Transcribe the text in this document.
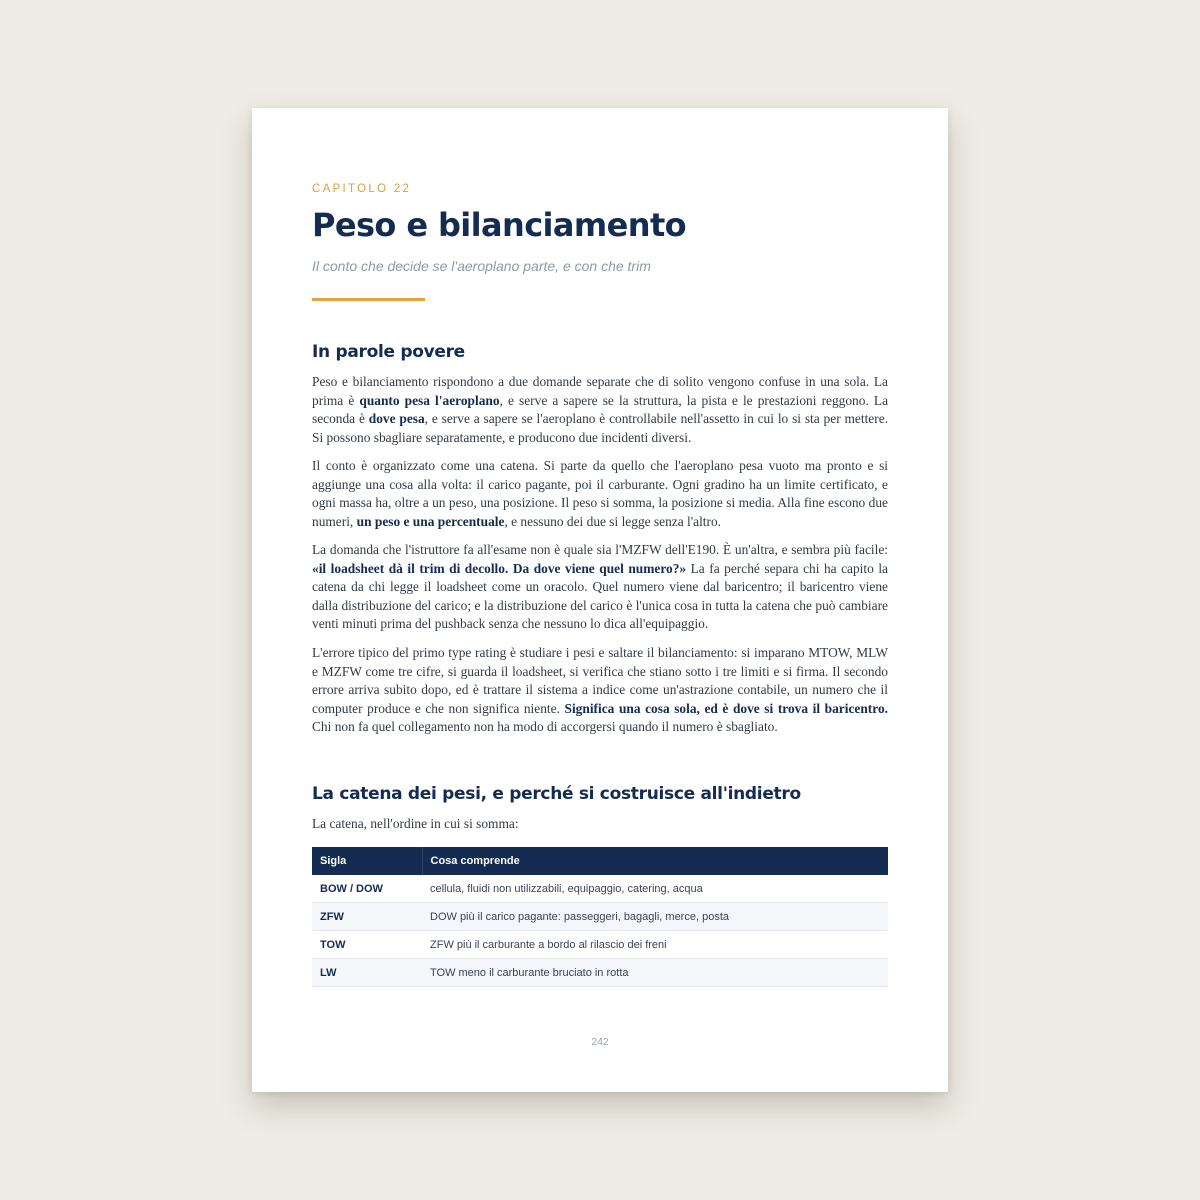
CAPITOLO 22
Peso e bilanciamento
Il conto che decide se l'aeroplano parte, e con che trim
In parole povere

Peso e bilanciamento rispondono a due domande separate che di solito vengono confuse in una sola. La prima è quanto pesa l'aeroplano, e serve a sapere se la struttura, la pista e le prestazioni reggono. La seconda è dove pesa, e serve a sapere se l'aeroplano è controllabile nell'assetto in cui lo si sta per mettere. Si possono sbagliare separatamente, e producono due incidenti diversi.

Il conto è organizzato come una catena. Si parte da quello che l'aeroplano pesa vuoto ma pronto e si aggiunge una cosa alla volta: il carico pagante, poi il carburante. Ogni gradino ha un limite certificato, e ogni massa ha, oltre a un peso, una posizione. Il peso si somma, la posizione si media. Alla fine escono due numeri, un peso e una percentuale, e nessuno dei due si legge senza l'altro.

La domanda che l'istruttore fa all'esame non è quale sia l'MZFW dell'E190. È un'altra, e sembra più facile: «il loadsheet dà il trim di decollo. Da dove viene quel numero?» La fa perché separa chi ha capito la catena da chi legge il loadsheet come un oracolo. Quel numero viene dal baricentro; il baricentro viene dalla distribuzione del carico; e la distribuzione del carico è l'unica cosa in tutta la catena che può cambiare venti minuti prima del pushback senza che nessuno lo dica all'equipaggio.

L'errore tipico del primo type rating è studiare i pesi e saltare il bilanciamento: si imparano MTOW, MLW e MZFW come tre cifre, si guarda il loadsheet, si verifica che stiano sotto i tre limiti e si firma. Il secondo errore arriva subito dopo, ed è trattare il sistema a indice come un'astrazione contabile, un numero che il computer produce e che non significa niente. Significa una cosa sola, ed è dove si trova il baricentro. Chi non fa quel collegamento non ha modo di accorgersi quando il numero è sbagliato.

La catena dei pesi, e perché si costruisce all'indietro

La catena, nell'ordine in cui si somma:

Sigla	Cosa comprende
BOW / DOW	cellula, fluidi non utilizzabili, equipaggio, catering, acqua
ZFW	DOW più il carico pagante: passeggeri, bagagli, merce, posta
TOW	ZFW più il carburante a bordo al rilascio dei freni
LW	TOW meno il carburante bruciato in rotta
242
